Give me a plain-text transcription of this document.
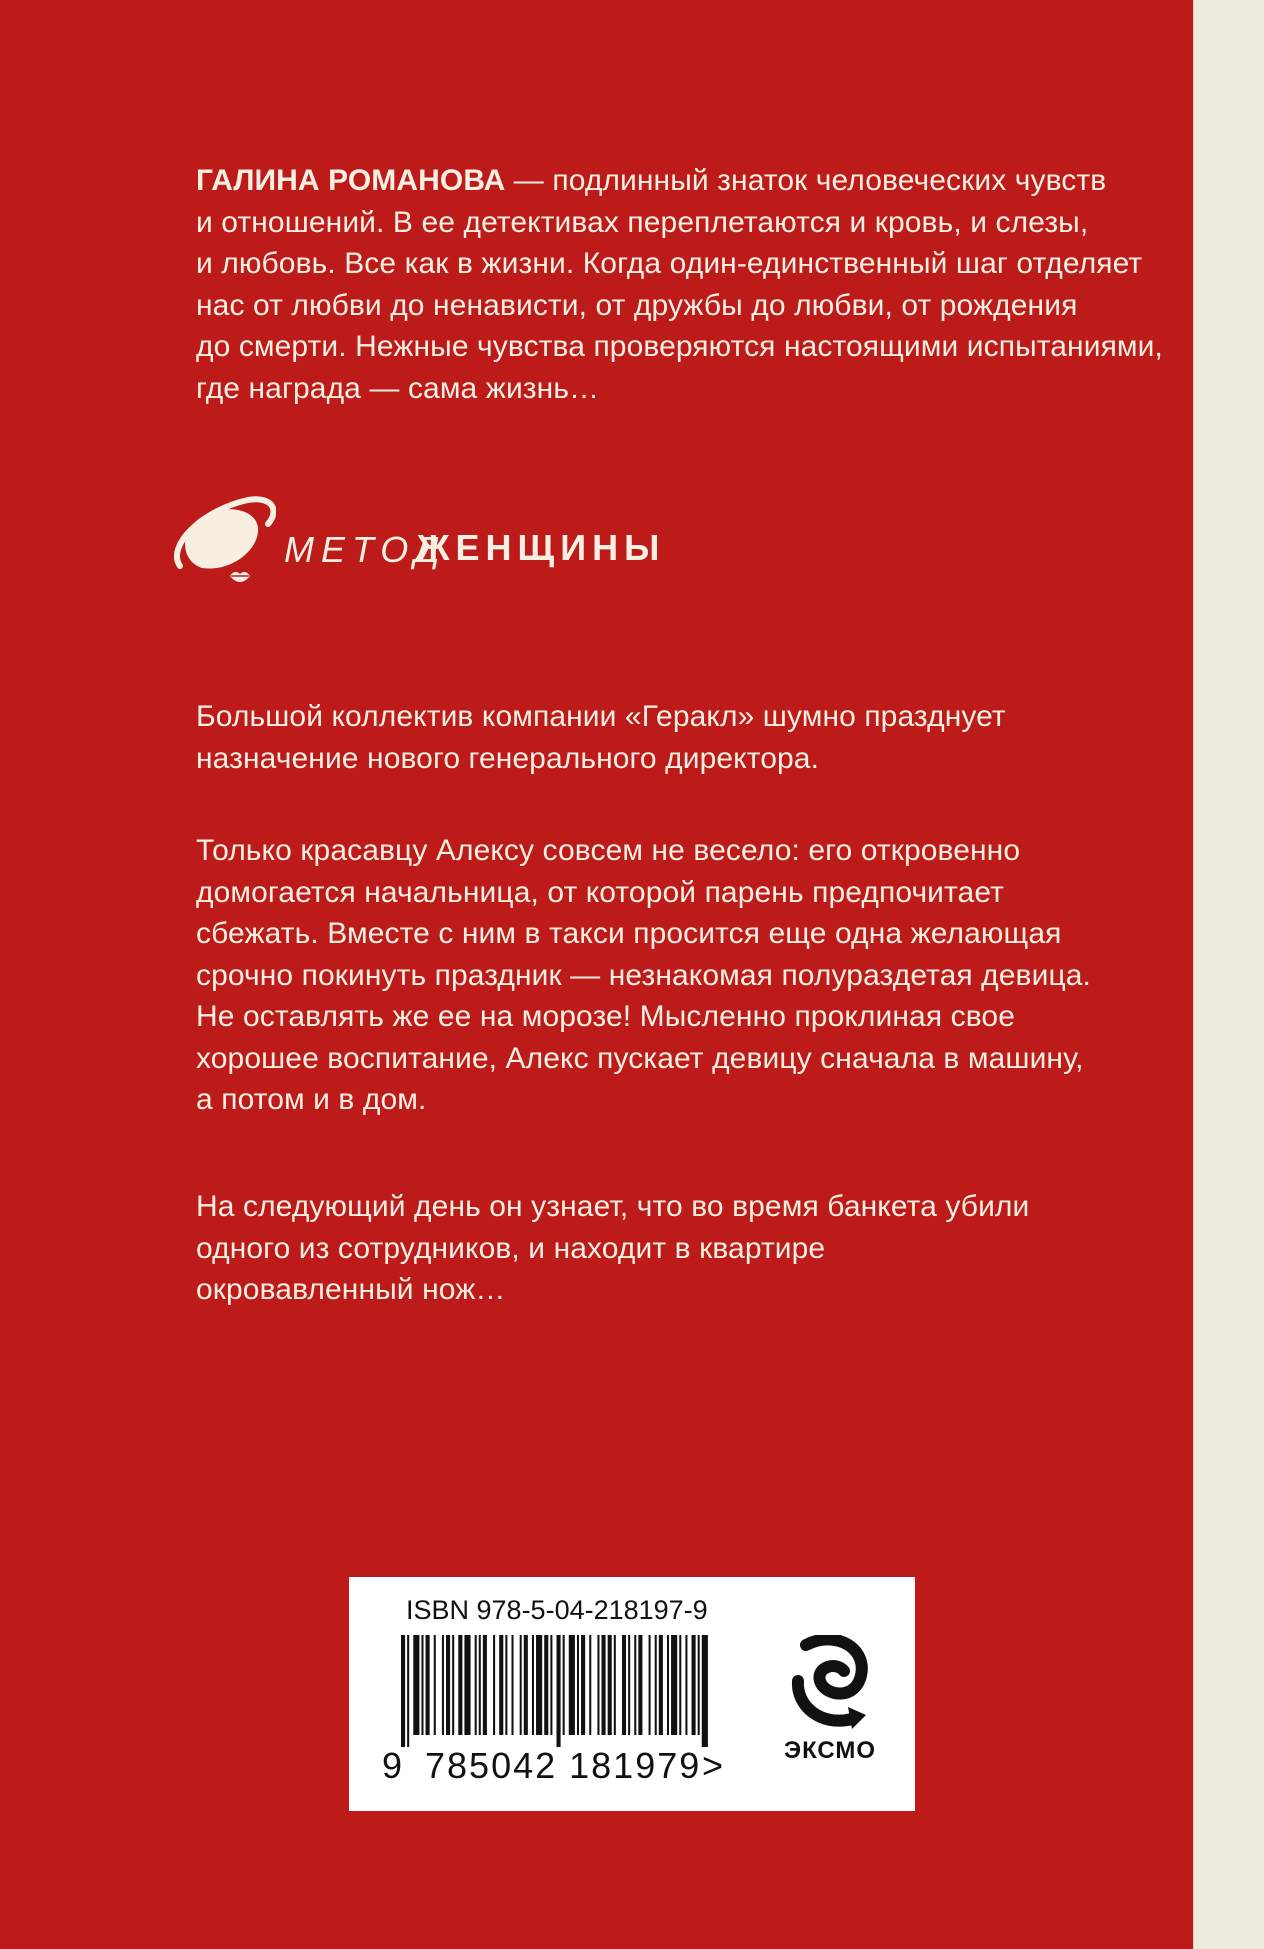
ГАЛИНА РОМАНОВА — подлинный знаток человеческих чувств
и отношений. В ее детективах переплетаются и кровь, и слезы,
и любовь. Все как в жизни. Когда один-единственный шаг отделяет
нас от любви до ненависти, от дружбы до любви, от рождения
до смерти. Нежные чувства проверяются настоящими испытаниями,
где награда — сама жизнь…
МЕТОД
ЖЕНЩИНЫ
Большой коллектив компании «Геракл» шумно празднует
назначение нового генерального директора.
Только красавцу Алексу совсем не весело: его откровенно
домогается начальница, от которой парень предпочитает
сбежать. Вместе с ним в такси просится еще одна желающая
срочно покинуть праздник — незнакомая полураздетая девица.
Не оставлять же ее на морозе! Мысленно проклиная свое
хорошее воспитание, Алекс пускает девицу сначала в машину,
а потом и в дом.
На следующий день он узнает, что во время банкета убили
одного из сотрудников, и находит в квартире
окровавленный нож…
ISBN 978-5-04-218197-9
9 785042 181979 >	ЭКСМО
